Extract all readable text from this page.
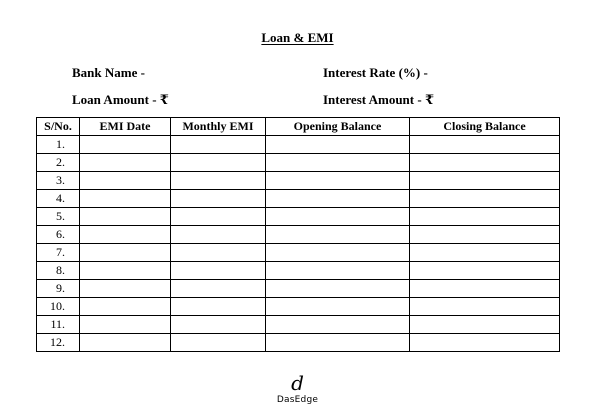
Loan & EMI
Bank Name -	Interest Rate (%) -
Loan Amount - ₹	Interest Amount - ₹
S/No.	EMI Date	Monthly EMI	Opening Balance	Closing Balance
1.				
2.				
3.				
4.				
5.				
6.				
7.				
8.				
9.				
10.				
11.				
12.				
d
DasEdge
